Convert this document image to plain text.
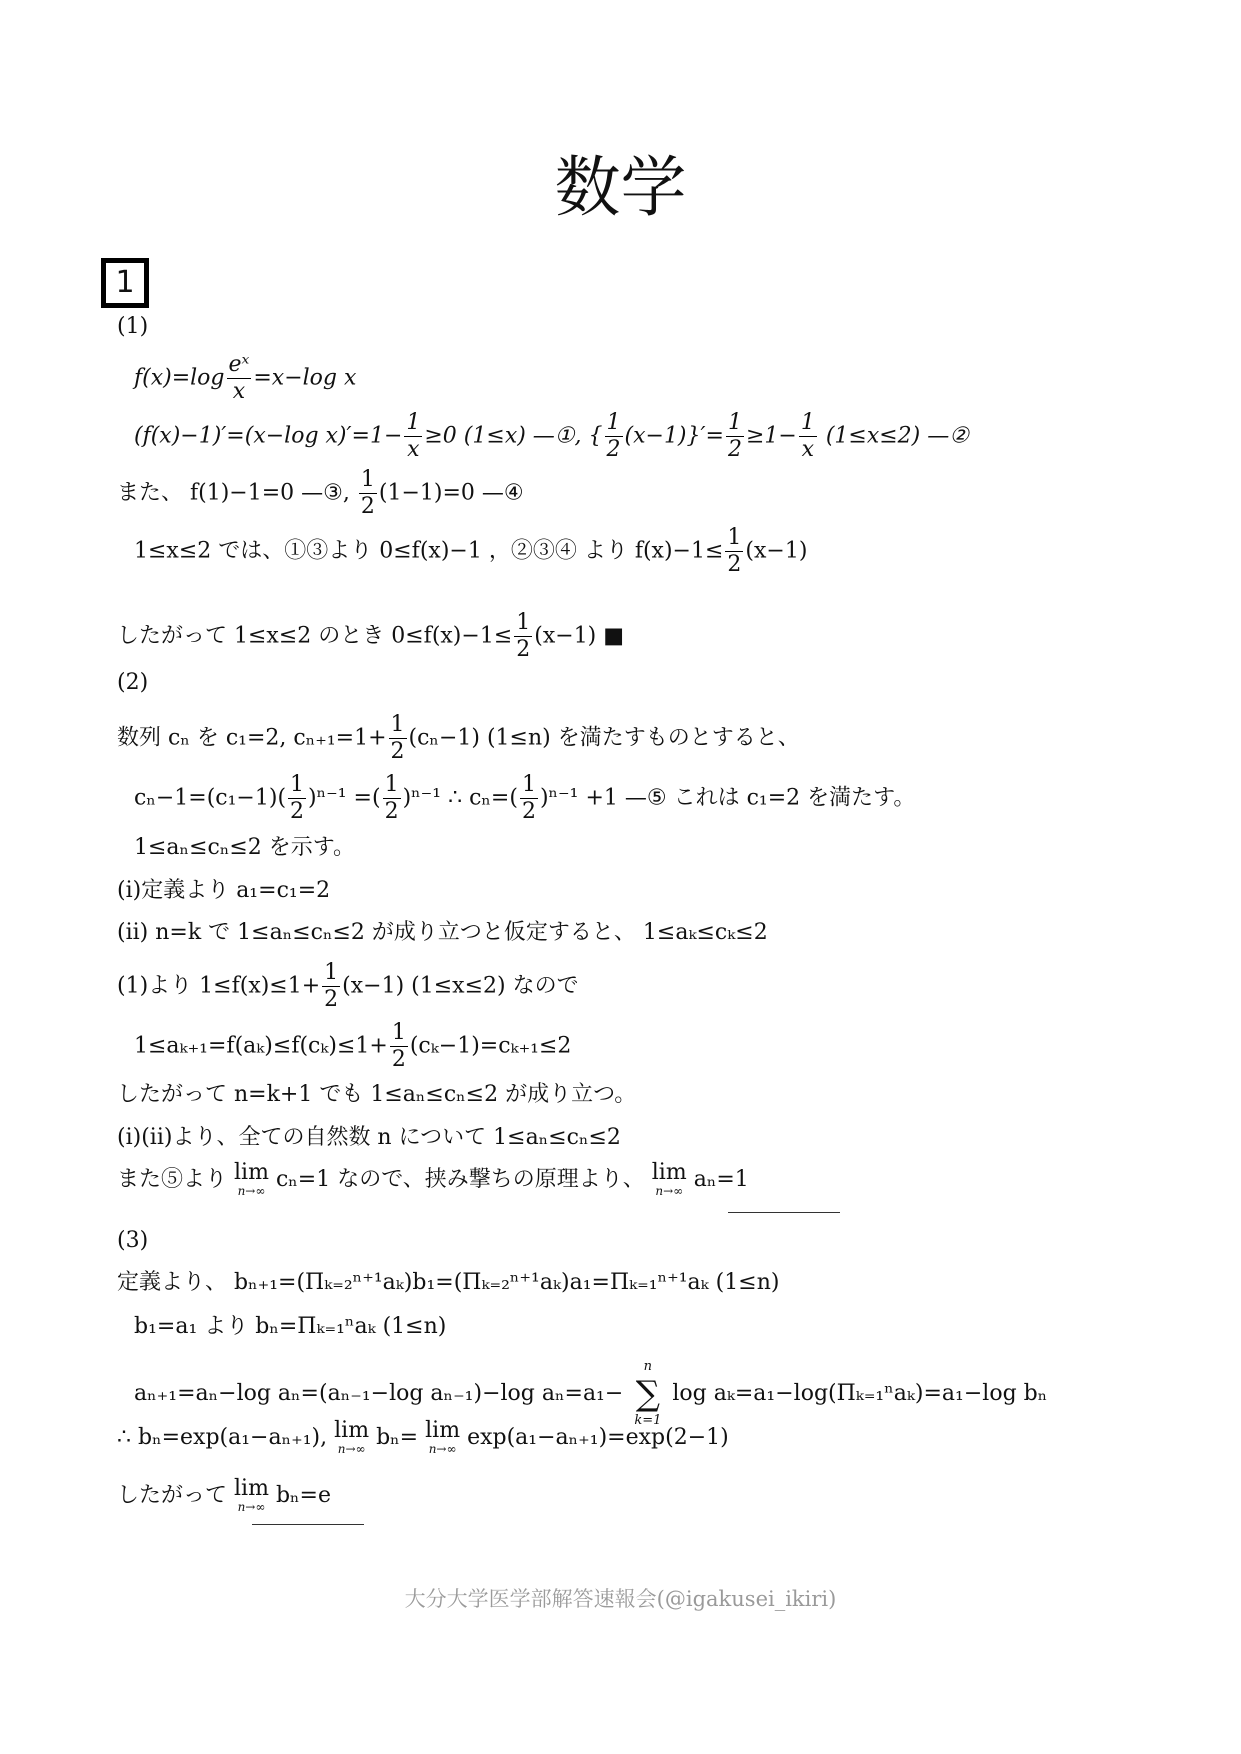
数学
1
(1)
$f(x)=\log \frac{\text{eˣ}}{x} =x-\log$ x
(f(x)−1)′=(x−log $x)'=1- \frac{1}{x} \ge 0$ (1≤x) —①, { $\frac{1}{2} (x-1)\}'= \frac{1}{2} \ge 1- \frac{1}{x} (1\le x\le 2)$ —②
また、 f(1)−1=0 —③, $\frac{1}{2} (1-1)=0$ —④
1≤x≤2 では、①③より 0≤f(x)−1 ，②③④ より $f(x)-1\le \frac{1}{2} (x-1)$
したがって 1≤x≤2 のとき $0\le f(x)-1\le \frac{1}{2} (x-1)$ ■
(2)
数列 cₙ を c₁=2, $c_{n+1}=1+ \frac{1}{2} (c_n-1)$ (1≤n) を満たすものとすると、
$c_n-1=(c_1-1)( \frac{1}{2} )^{n-1}$ =( $\frac{1}{2} )^{n-1}$ ∴ $c_n=( \frac{1}{2} )^{n-1} +1$ —⑤ これは c₁=2 を満たす。
1≤aₙ≤cₙ≤2 を示す。
(i)定義より a₁=c₁=2
(ii) n=k で 1≤aₙ≤cₙ≤2 が成り立つと仮定すると、 1≤aₖ≤cₖ≤2
(1)より $1\le f(x)\le 1+ \frac{1}{2} (x-1)$ (1≤x≤2) なので
$1\le a_{k+1}=f(a_k)\le f(c_k)\le 1+ \frac{1}{2} (c_k-1)=c_{k+1}\le 2$
したがって n=k+1 でも 1≤aₙ≤cₙ≤2 が成り立つ。
(i)(ii)より、全ての自然数 n について 1≤aₙ≤cₙ≤2
また⑤より lim
n→∞ cₙ=1 なので、挟み撃ちの原理より、 lim
n→∞ aₙ=1
(3)
定義より、 bₙ₊₁=(Πₖ₌₂ⁿ⁺¹aₖ)b₁=(Πₖ₌₂ⁿ⁺¹aₖ)a₁=Πₖ₌₁ⁿ⁺¹aₖ (1≤n)
b₁=a₁ より bₙ=Πₖ₌₁ⁿaₖ (1≤n)
aₙ₊₁=aₙ−log aₙ=(aₙ₋₁−log aₙ₋₁)−log aₙ=a₁−
n
∑
k=1
log aₖ=a₁−log(Πₖ₌₁ⁿaₖ)=a₁−log bₙ
∴ bₙ=exp(a₁−aₙ₊₁), lim
n→∞ bₙ= lim
n→∞ exp(a₁−aₙ₊₁)=exp(2−1)
したがって lim
n→∞ bₙ=e
大分大学医学部解答速報会(@igakusei_ikiri)
